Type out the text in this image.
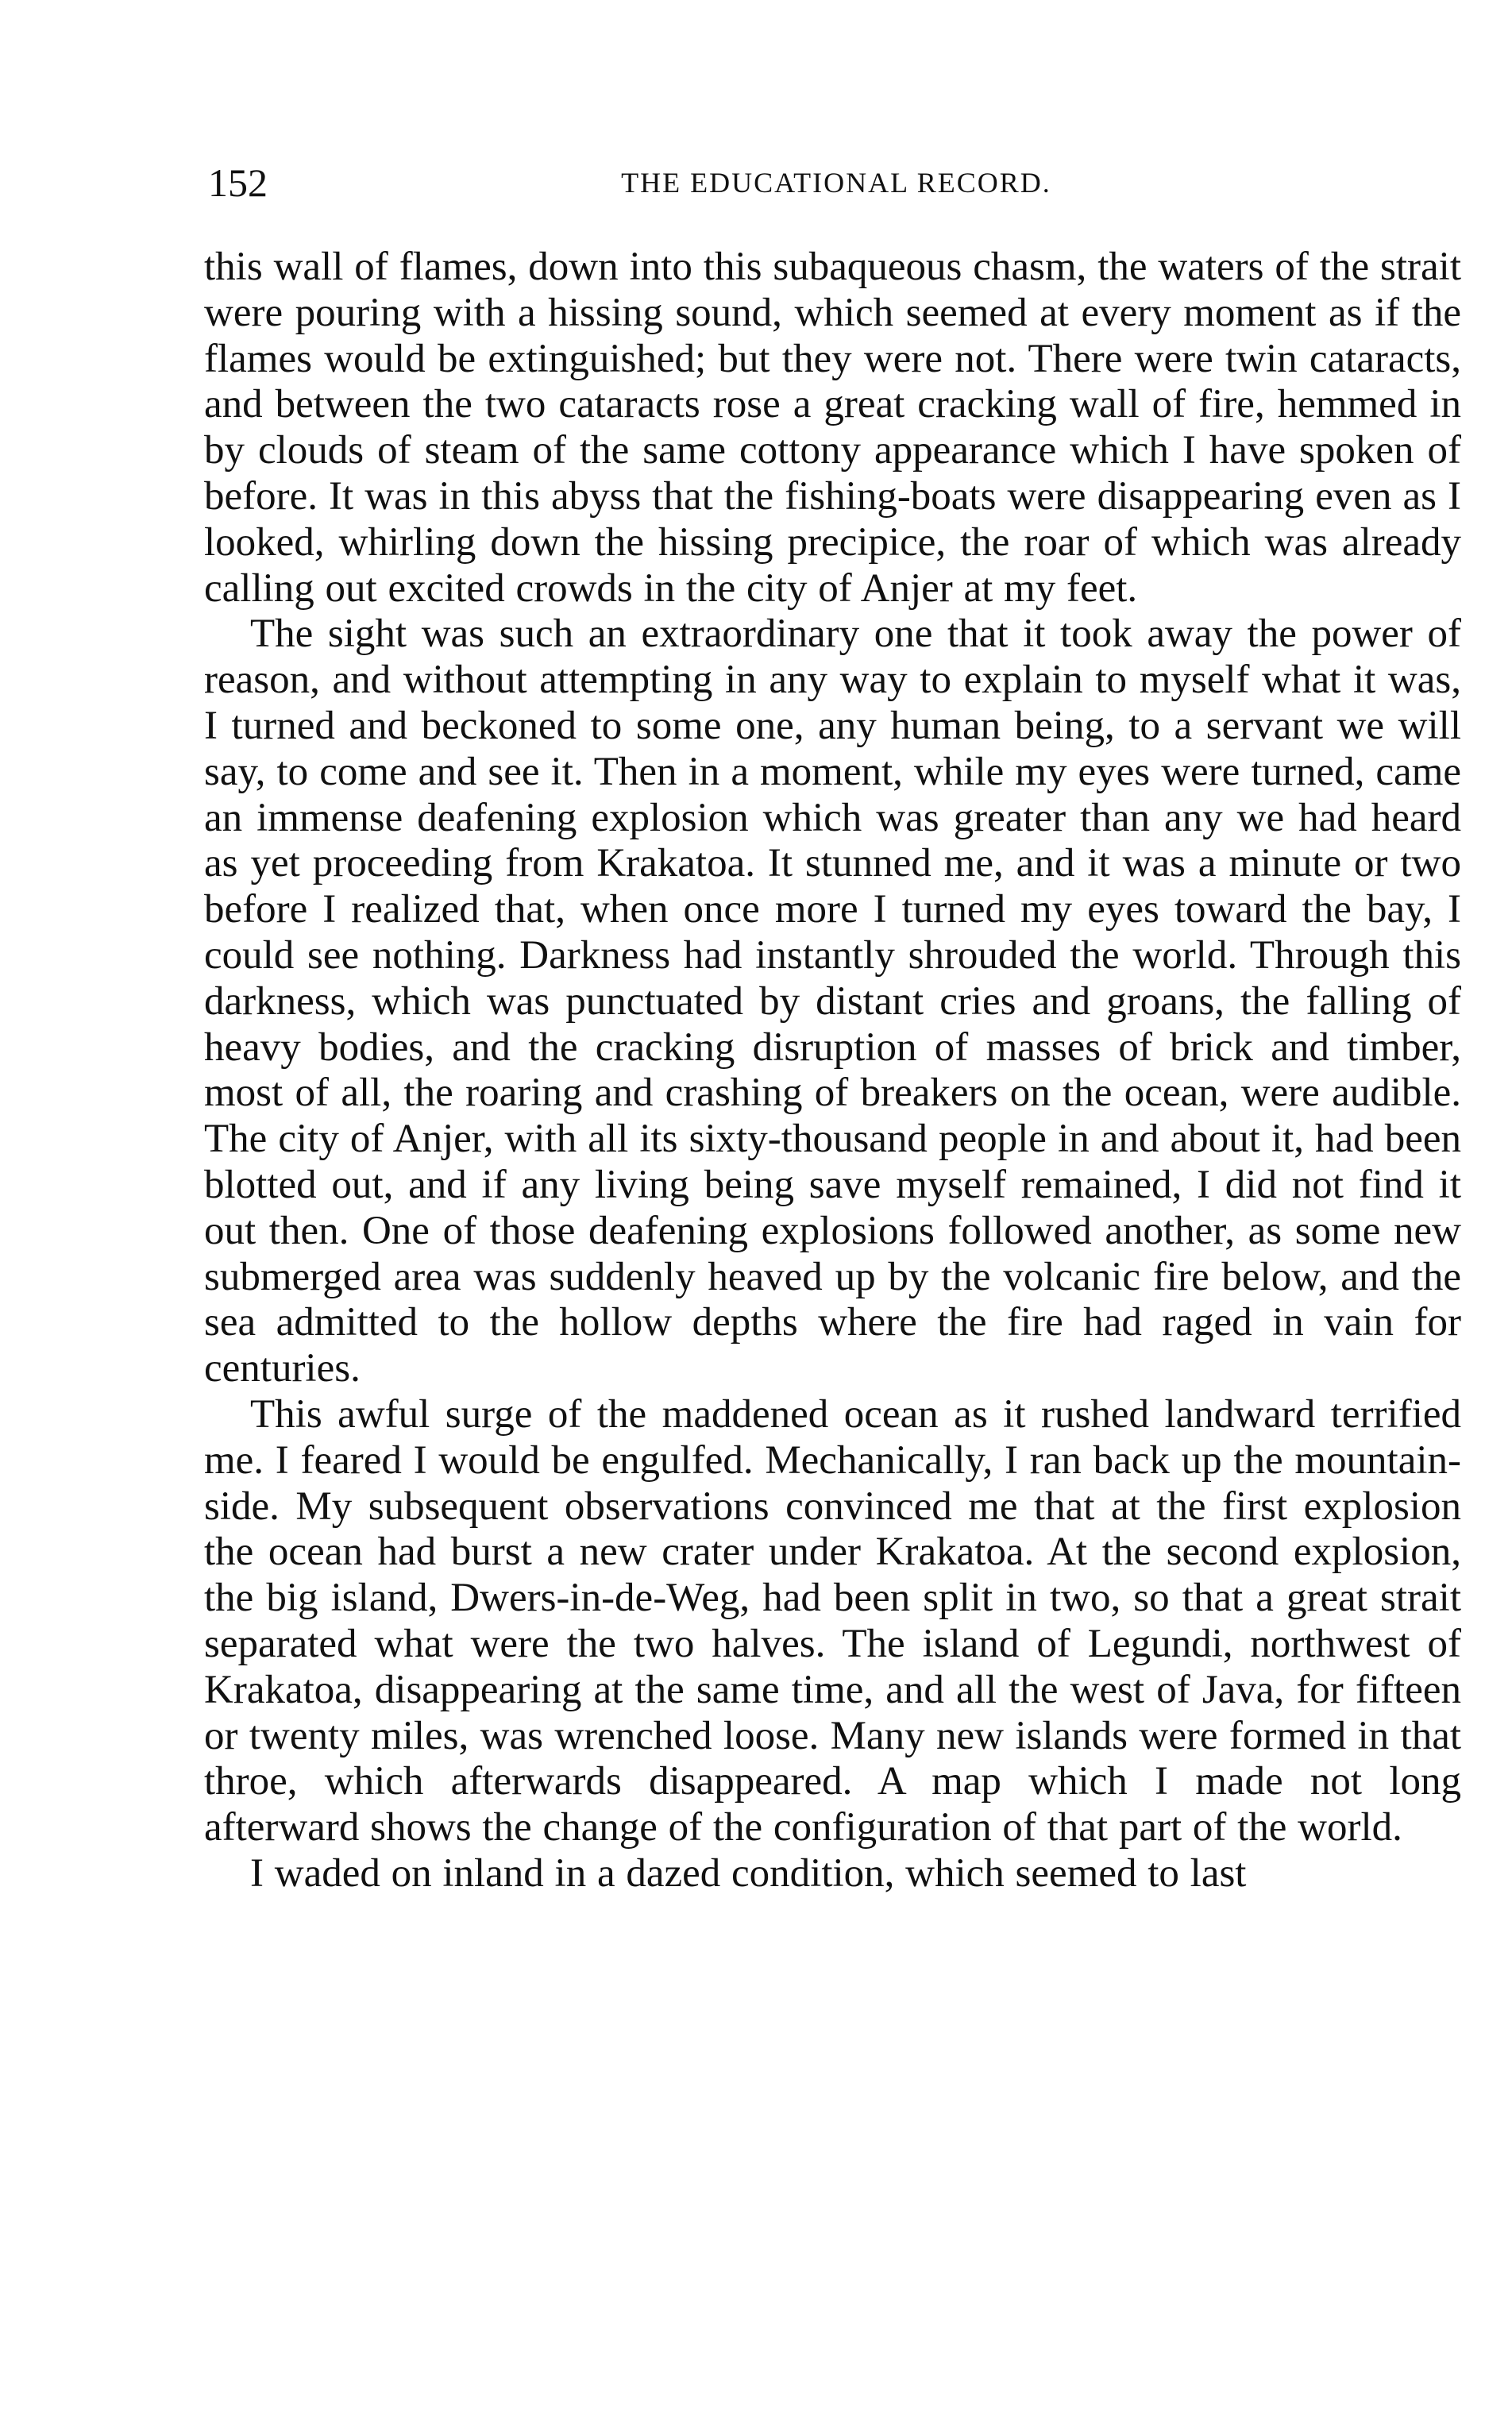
152	THE EDUCATIONAL RECORD.

this wall of flames, down into this subaqueous chasm, the waters of the strait were pouring with a hissing sound, which seemed at every moment as if the flames would be extinguished; but they were not. There were twin cataracts, and between the two cataracts rose a great cracking wall of fire, hemmed in by clouds of steam of the same cottony appearance which I have spoken of before. It was in this abyss that the fishing-boats were disappearing even as I looked, whirling down the hissing precipice, the roar of which was already calling out excited crowds in the city of Anjer at my feet.

The sight was such an extraordinary one that it took away the power of reason, and without attempting in any way to explain to myself what it was, I turned and beckoned to some one, any human being, to a servant we will say, to come and see it. Then in a moment, while my eyes were turned, came an immense deafening explosion which was greater than any we had heard as yet proceeding from Krakatoa. It stunned me, and it was a minute or two before I realized that, when once more I turned my eyes toward the bay, I could see nothing. Darkness had instantly shrouded the world. Through this darkness, which was punctuated by distant cries and groans, the falling of heavy bodies, and the cracking disruption of masses of brick and timber, most of all, the roaring and crashing of breakers on the ocean, were audible. The city of Anjer, with all its sixty-thousand people in and about it, had been blotted out, and if any living being save myself remained, I did not find it out then. One of those deafening explosions followed another, as some new submerged area was suddenly heaved up by the volcanic fire below, and the sea admitted to the hollow depths where the fire had raged in vain for centuries.

This awful surge of the maddened ocean as it rushed landward terrified me. I feared I would be engulfed. Mechanically, I ran back up the mountain-side. My subsequent observations convinced me that at the first explosion the ocean had burst a new crater under Krakatoa. At the second explosion, the big island, Dwers-in-de-Weg, had been split in two, so that a great strait separated what were the two halves. The island of Legundi, northwest of Krakatoa, disappearing at the same time, and all the west of Java, for fifteen or twenty miles, was wrenched loose. Many new islands were formed in that throe, which afterwards disappeared. A map which I made not long afterward shows the change of the configuration of that part of the world.

I waded on inland in a dazed condition, which seemed to last
